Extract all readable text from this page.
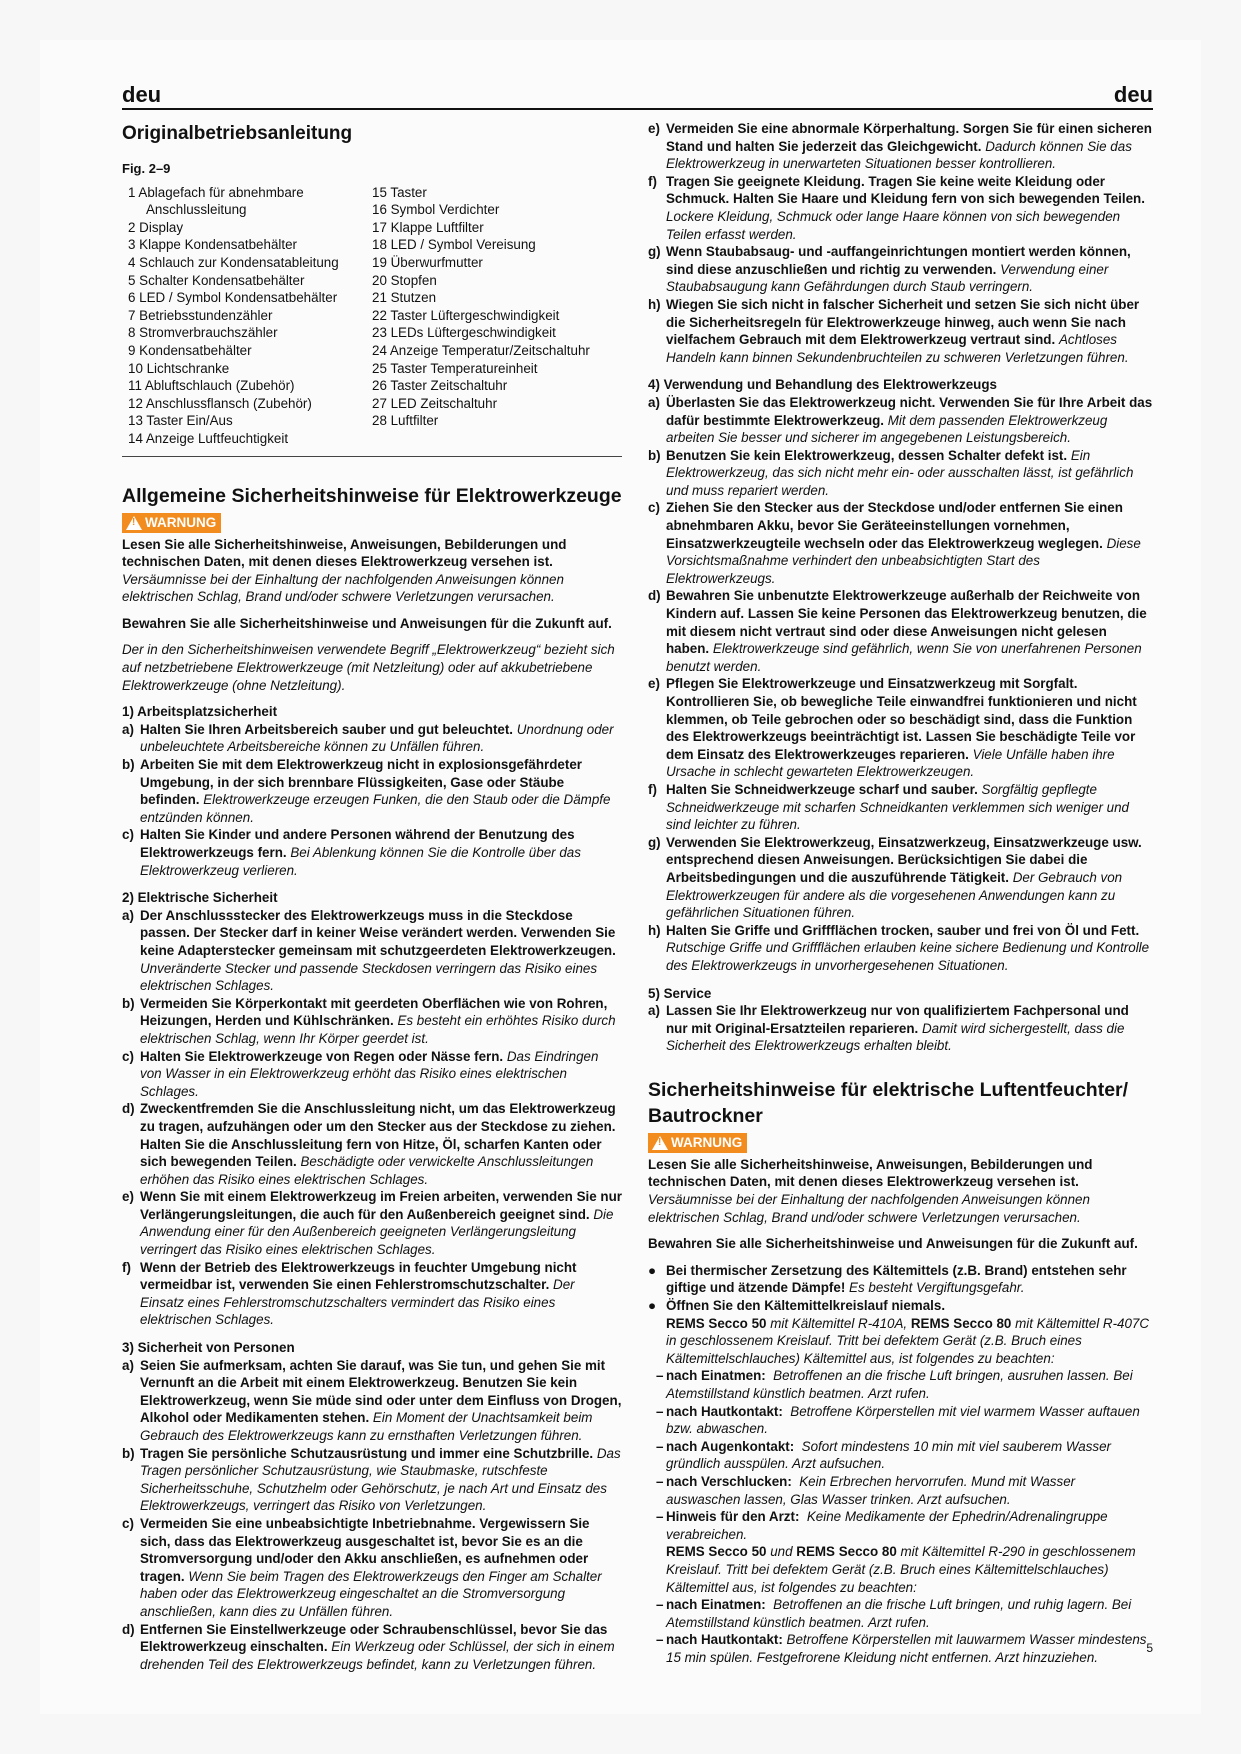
deu	deu
Originalbetriebsanleitung
Fig. 2–9
1 Ablagefach für abnehmbare
Anschlussleitung
2 Display
3 Klappe Kondensatbehälter
4 Schlauch zur Kondensatableitung
5 Schalter Kondensatbehälter
6 LED / Symbol Kondensatbehälter
7 Betriebsstundenzähler
8 Stromverbrauchszähler
9 Kondensatbehälter
10 Lichtschranke
11 Abluftschlauch (Zubehör)
12 Anschlussflansch (Zubehör)
13 Taster Ein/Aus
14 Anzeige Luftfeuchtigkeit
15 Taster
16 Symbol Verdichter
17 Klappe Luftfilter
18 LED / Symbol Vereisung
19 Überwurfmutter
20 Stopfen
21 Stutzen
22 Taster Lüftergeschwindigkeit
23 LEDs Lüftergeschwindigkeit
24 Anzeige Temperatur/Zeitschaltuhr
25 Taster Temperatureinheit
26 Taster Zeitschaltuhr
27 LED Zeitschaltuhr
28 Luftfilter
Allgemeine Sicherheitshinweise für Elektrowerkzeuge
! WARNUNG

Lesen Sie alle Sicherheitshinweise, Anweisungen, Bebilderungen und technischen Daten, mit denen dieses Elektrowerkzeug versehen ist. Versäumnisse bei der Einhaltung der nachfolgenden Anweisungen können elektrischen Schlag, Brand und/oder schwere Verletzungen verursachen.

Bewahren Sie alle Sicherheitshinweise und Anweisungen für die Zukunft auf.

Der in den Sicherheitshinweisen verwendete Begriff „Elektrowerkzeug“ bezieht sich auf netzbetriebene Elektrowerkzeuge (mit Netzleitung) oder auf akkubetriebene Elektrowerkzeuge (ohne Netzleitung).

1) Arbeitsplatzsicherheit
a) Halten Sie Ihren Arbeitsbereich sauber und gut beleuchtet. Unordnung oder unbeleuchtete Arbeitsbereiche können zu Unfällen führen.
b) Arbeiten Sie mit dem Elektrowerkzeug nicht in explosionsgefährdeter Umgebung, in der sich brennbare Flüssigkeiten, Gase oder Stäube befinden. Elektrowerkzeuge erzeugen Funken, die den Staub oder die Dämpfe entzünden können.
c) Halten Sie Kinder und andere Personen während der Benutzung des Elektrowerkzeugs fern. Bei Ablenkung können Sie die Kontrolle über das Elektrowerkzeug verlieren.
2) Elektrische Sicherheit
a) Der Anschlussstecker des Elektrowerkzeugs muss in die Steckdose passen. Der Stecker darf in keiner Weise verändert werden. Verwenden Sie keine Adapterstecker gemeinsam mit schutzgeerdeten Elektrowerkzeugen. Unveränderte Stecker und passende Steckdosen verringern das Risiko eines elektrischen Schlages.
b) Vermeiden Sie Körperkontakt mit geerdeten Oberflächen wie von Rohren, Heizungen, Herden und Kühlschränken. Es besteht ein erhöhtes Risiko durch elektrischen Schlag, wenn Ihr Körper geerdet ist.
c) Halten Sie Elektrowerkzeuge von Regen oder Nässe fern. Das Eindringen von Wasser in ein Elektrowerkzeug erhöht das Risiko eines elektrischen Schlages.
d) Zweckentfremden Sie die Anschlussleitung nicht, um das Elektrowerkzeug zu tragen, aufzuhängen oder um den Stecker aus der Steckdose zu ziehen. Halten Sie die Anschlussleitung fern von Hitze, Öl, scharfen Kanten oder sich bewegenden Teilen. Beschädigte oder verwickelte Anschlussleitungen erhöhen das Risiko eines elektrischen Schlages.
e) Wenn Sie mit einem Elektrowerkzeug im Freien arbeiten, verwenden Sie nur Verlängerungsleitungen, die auch für den Außenbereich geeignet sind. Die Anwendung einer für den Außenbereich geeigneten Verlängerungsleitung verringert das Risiko eines elektrischen Schlages.
f) Wenn der Betrieb des Elektrowerkzeugs in feuchter Umgebung nicht vermeidbar ist, verwenden Sie einen Fehlerstromschutzschalter. Der Einsatz eines Fehlerstromschutzschalters vermindert das Risiko eines elektrischen Schlages.
3) Sicherheit von Personen
a) Seien Sie aufmerksam, achten Sie darauf, was Sie tun, und gehen Sie mit Vernunft an die Arbeit mit einem Elektrowerkzeug. Benutzen Sie kein Elektrowerkzeug, wenn Sie müde sind oder unter dem Einfluss von Drogen, Alkohol oder Medikamenten stehen. Ein Moment der Unachtsamkeit beim Gebrauch des Elektrowerkzeugs kann zu ernsthaften Verletzungen führen.
b) Tragen Sie persönliche Schutzausrüstung und immer eine Schutzbrille. Das Tragen persönlicher Schutzausrüstung, wie Staubmaske, rutschfeste Sicherheitsschuhe, Schutzhelm oder Gehörschutz, je nach Art und Einsatz des Elektrowerkzeugs, verringert das Risiko von Verletzungen.
c) Vermeiden Sie eine unbeabsichtigte Inbetriebnahme. Vergewissern Sie sich, dass das Elektrowerkzeug ausgeschaltet ist, bevor Sie es an die Stromversorgung und/oder den Akku anschließen, es aufnehmen oder tragen. Wenn Sie beim Tragen des Elektrowerkzeugs den Finger am Schalter haben oder das Elektrowerkzeug eingeschaltet an die Stromversorgung anschließen, kann dies zu Unfällen führen.
d) Entfernen Sie Einstellwerkzeuge oder Schraubenschlüssel, bevor Sie das Elektrowerkzeug einschalten. Ein Werkzeug oder Schlüssel, der sich in einem drehenden Teil des Elektrowerkzeugs befindet, kann zu Verletzungen führen.
e) Vermeiden Sie eine abnormale Körperhaltung. Sorgen Sie für einen sicheren Stand und halten Sie jederzeit das Gleichgewicht. Dadurch können Sie das Elektrowerkzeug in unerwarteten Situationen besser kontrollieren.
f) Tragen Sie geeignete Kleidung. Tragen Sie keine weite Kleidung oder Schmuck. Halten Sie Haare und Kleidung fern von sich bewegenden Teilen. Lockere Kleidung, Schmuck oder lange Haare können von sich bewegenden Teilen erfasst werden.
g) Wenn Staubabsaug- und -auffangeinrichtungen montiert werden können, sind diese anzuschließen und richtig zu verwenden. Verwendung einer Staubabsaugung kann Gefährdungen durch Staub verringern.
h) Wiegen Sie sich nicht in falscher Sicherheit und setzen Sie sich nicht über die Sicherheitsregeln für Elektrowerkzeuge hinweg, auch wenn Sie nach vielfachem Gebrauch mit dem Elektrowerkzeug vertraut sind. Achtloses Handeln kann binnen Sekundenbruchteilen zu schweren Verletzungen führen.
4) Verwendung und Behandlung des Elektrowerkzeugs
a) Überlasten Sie das Elektrowerkzeug nicht. Verwenden Sie für Ihre Arbeit das dafür bestimmte Elektrowerkzeug. Mit dem passenden Elektrowerkzeug arbeiten Sie besser und sicherer im angegebenen Leistungsbereich.
b) Benutzen Sie kein Elektrowerkzeug, dessen Schalter defekt ist. Ein Elektrowerkzeug, das sich nicht mehr ein- oder ausschalten lässt, ist gefährlich und muss repariert werden.
c) Ziehen Sie den Stecker aus der Steckdose und/oder entfernen Sie einen abnehmbaren Akku, bevor Sie Geräteeinstellungen vornehmen, Einsatzwerkzeugteile wechseln oder das Elektrowerkzeug weglegen. Diese Vorsichtsmaßnahme verhindert den unbeabsichtigten Start des Elektrowerkzeugs.
d) Bewahren Sie unbenutzte Elektrowerkzeuge außerhalb der Reichweite von Kindern auf. Lassen Sie keine Personen das Elektrowerkzeug benutzen, die mit diesem nicht vertraut sind oder diese Anweisungen nicht gelesen haben. Elektrowerkzeuge sind gefährlich, wenn Sie von unerfahrenen Personen benutzt werden.
e) Pflegen Sie Elektrowerkzeuge und Einsatzwerkzeug mit Sorgfalt. Kontrollieren Sie, ob bewegliche Teile einwandfrei funktionieren und nicht klemmen, ob Teile gebrochen oder so beschädigt sind, dass die Funktion des Elektrowerkzeugs beeinträchtigt ist. Lassen Sie beschädigte Teile vor dem Einsatz des Elektrowerkzeuges reparieren. Viele Unfälle haben ihre Ursache in schlecht gewarteten Elektrowerkzeugen.
f) Halten Sie Schneidwerkzeuge scharf und sauber. Sorgfältig gepflegte Schneidwerkzeuge mit scharfen Schneidkanten verklemmen sich weniger und sind leichter zu führen.
g) Verwenden Sie Elektrowerkzeug, Einsatzwerkzeug, Einsatzwerkzeuge usw. entsprechend diesen Anweisungen. Berücksichtigen Sie dabei die Arbeitsbedingungen und die auszuführende Tätigkeit. Der Gebrauch von Elektrowerkzeugen für andere als die vorgesehenen Anwendungen kann zu gefährlichen Situationen führen.
h) Halten Sie Griffe und Griffflächen trocken, sauber und frei von Öl und Fett. Rutschige Griffe und Griffflächen erlauben keine sichere Bedienung und Kontrolle des Elektrowerkzeugs in unvorhergesehenen Situationen.
5) Service
a) Lassen Sie Ihr Elektrowerkzeug nur von qualifiziertem Fachpersonal und nur mit Original-Ersatzteilen reparieren. Damit wird sichergestellt, dass die Sicherheit des Elektrowerkzeugs erhalten bleibt.
Sicherheitshinweise für elektrische Luftentfeuchter/ Bautrockner
! WARNUNG

Lesen Sie alle Sicherheitshinweise, Anweisungen, Bebilderungen und technischen Daten, mit denen dieses Elektrowerkzeug versehen ist. Versäumnisse bei der Einhaltung der nachfolgenden Anweisungen können elektrischen Schlag, Brand und/oder schwere Verletzungen verursachen.

Bewahren Sie alle Sicherheitshinweise und Anweisungen für die Zukunft auf.

● Bei thermischer Zersetzung des Kältemittels (z.B. Brand) entstehen sehr giftige und ätzende Dämpfe! Es besteht Vergiftungsgefahr.
● Öffnen Sie den Kältemittelkreislauf niemals.
REMS Secco 50 mit Kältemittel R-410A, REMS Secco 80 mit Kältemittel R-407C in geschlossenem Kreislauf. Tritt bei defektem Gerät (z.B. Bruch eines Kältemittelschlauches) Kältemittel aus, ist folgendes zu beachten:
– nach Einatmen: Betroffenen an die frische Luft bringen, ausruhen lassen. Bei Atemstillstand künstlich beatmen. Arzt rufen.
– nach Hautkontakt: Betroffene Körperstellen mit viel warmem Wasser auftauen bzw. abwaschen.
– nach Augenkontakt: Sofort mindestens 10 min mit viel sauberem Wasser gründlich ausspülen. Arzt aufsuchen.
– nach Verschlucken: Kein Erbrechen hervorrufen. Mund mit Wasser auswaschen lassen, Glas Wasser trinken. Arzt aufsuchen.
– Hinweis für den Arzt: Keine Medikamente der Ephedrin/Adrenalingruppe verabreichen.
REMS Secco 50 und REMS Secco 80 mit Kältemittel R-290 in geschlossenem Kreislauf. Tritt bei defektem Gerät (z.B. Bruch eines Kältemittelschlauches) Kältemittel aus, ist folgendes zu beachten:
– nach Einatmen: Betroffenen an die frische Luft bringen, und ruhig lagern. Bei Atemstillstand künstlich beatmen. Arzt rufen.
– nach Hautkontakt: Betroffene Körperstellen mit lauwarmem Wasser mindestens 15 min spülen. Festgefrorene Kleidung nicht entfernen. Arzt hinzuziehen.
5
